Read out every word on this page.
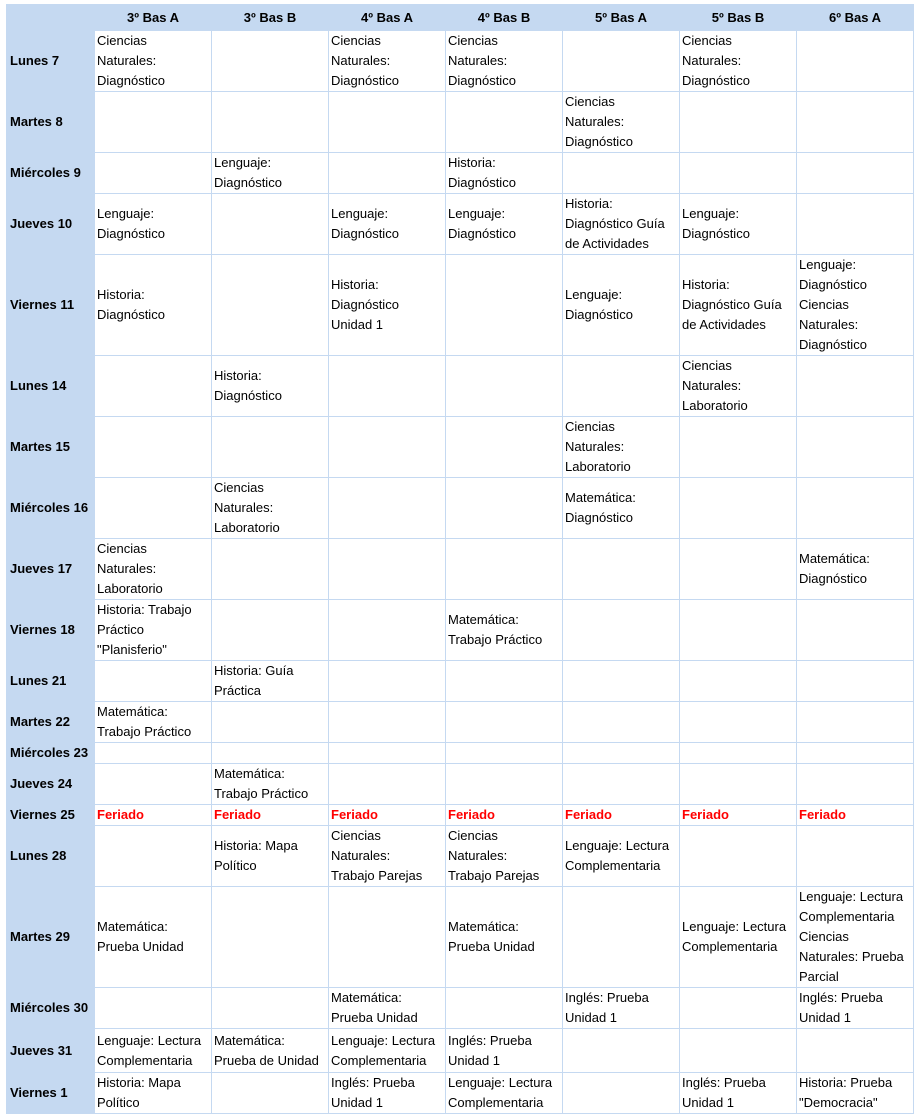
	3º Bas A	3º Bas B	4º Bas A	4º Bas B	5º Bas A	5º Bas B	6º Bas A
Lunes 7	Ciencias
Naturales:
Diagnóstico		Ciencias
Naturales:
Diagnóstico	Ciencias
Naturales:
Diagnóstico		Ciencias
Naturales:
Diagnóstico	
Martes 8					Ciencias
Naturales:
Diagnóstico		
Miércoles 9		Lenguaje:
Diagnóstico		Historia:
Diagnóstico			
Jueves 10	Lenguaje:
Diagnóstico		Lenguaje:
Diagnóstico	Lenguaje:
Diagnóstico	Historia:
Diagnóstico Guía
de Actividades	Lenguaje:
Diagnóstico	
Viernes 11	Historia:
Diagnóstico		Historia:
Diagnóstico
Unidad 1		Lenguaje:
Diagnóstico	Historia:
Diagnóstico Guía
de Actividades	Lenguaje:
Diagnóstico
Ciencias
Naturales:
Diagnóstico
Lunes 14		Historia:
Diagnóstico				Ciencias
Naturales:
Laboratorio	
Martes 15					Ciencias
Naturales:
Laboratorio		
Miércoles 16		Ciencias
Naturales:
Laboratorio			Matemática:
Diagnóstico		
Jueves 17	Ciencias
Naturales:
Laboratorio						Matemática:
Diagnóstico
Viernes 18	Historia: Trabajo
Práctico
"Planisferio"			Matemática:
Trabajo Práctico			
Lunes 21		Historia: Guía
Práctica					
Martes 22	Matemática:
Trabajo Práctico						
Miércoles 23							
Jueves 24		Matemática:
Trabajo Práctico					
Viernes 25	Feriado	Feriado	Feriado	Feriado	Feriado	Feriado	Feriado
Lunes 28		Historia: Mapa
Político	Ciencias
Naturales:
Trabajo Parejas	Ciencias
Naturales:
Trabajo Parejas	Lenguaje: Lectura
Complementaria		
Martes 29	Matemática:
Prueba Unidad			Matemática:
Prueba Unidad		Lenguaje: Lectura
Complementaria	Lenguaje: Lectura
Complementaria
Ciencias
Naturales: Prueba
Parcial
Miércoles 30			Matemática:
Prueba Unidad		Inglés: Prueba
Unidad 1		Inglés: Prueba
Unidad 1
Jueves 31	Lenguaje: Lectura
Complementaria	Matemática:
Prueba de Unidad	Lenguaje: Lectura
Complementaria	Inglés: Prueba
Unidad 1			
Viernes 1	Historia: Mapa
Político		Inglés: Prueba
Unidad 1	Lenguaje: Lectura
Complementaria		Inglés: Prueba
Unidad 1	Historia: Prueba
"Democracia"
